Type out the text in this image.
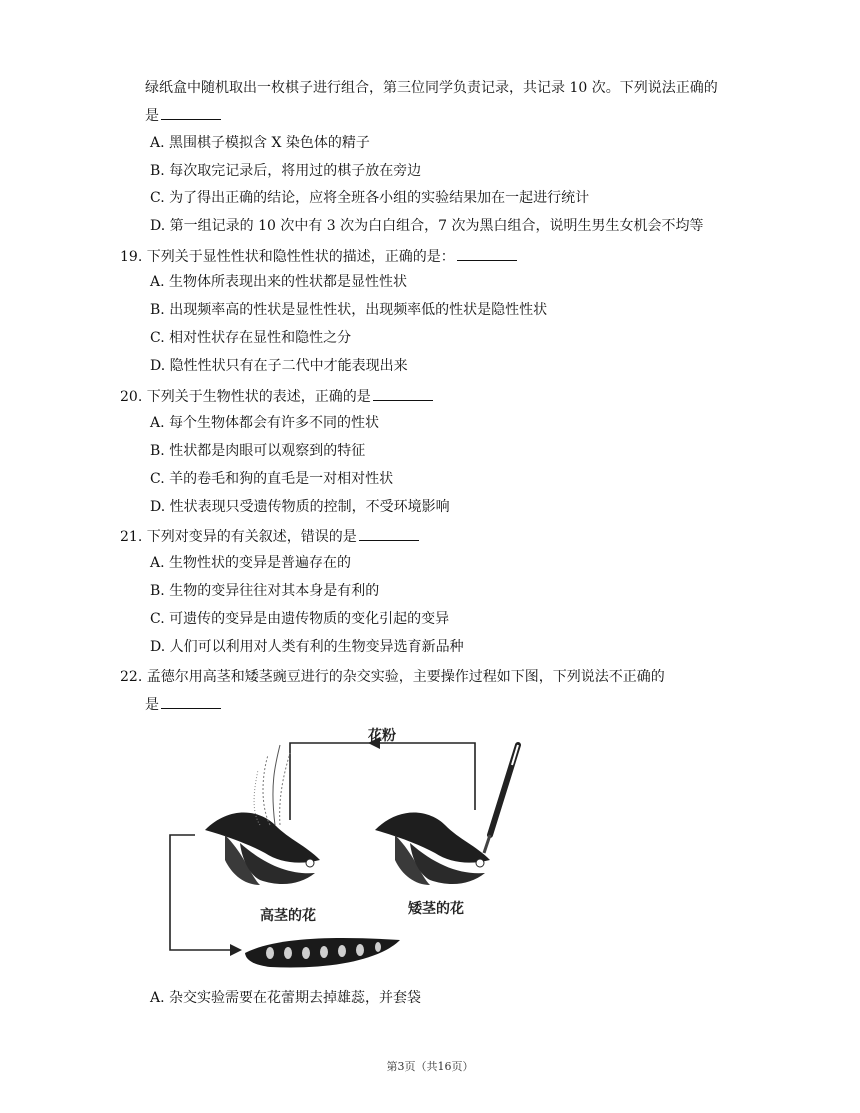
绿纸盒中随机取出一枚棋子进行组合，第三位同学负责记录，共记录 10 次。下列说法正确的
是
A. 黑围棋子模拟含 X 染色体的精子
B. 每次取完记录后，将用过的棋子放在旁边
C. 为了得出正确的结论，应将全班各小组的实验结果加在一起进行统计
D. 第一组记录的 10 次中有 3 次为白白组合，7 次为黑白组合，说明生男生女机会不均等
19. 下列关于显性性状和隐性性状的描述，正确的是：
A. 生物体所表现出来的性状都是显性性状
B. 出现频率高的性状是显性性状，出现频率低的性状是隐性性状
C. 相对性状存在显性和隐性之分
D. 隐性性状只有在子二代中才能表现出来
20. 下列关于生物性状的表述，正确的是
A. 每个生物体都会有许多不同的性状
B. 性状都是肉眼可以观察到的特征
C. 羊的卷毛和狗的直毛是一对相对性状
D. 性状表现只受遗传物质的控制，不受环境影响
21. 下列对变异的有关叙述，错误的是
A. 生物性状的变异是普遍存在的
B. 生物的变异往往对其本身是有利的
C. 可遗传的变异是由遗传物质的变化引起的变异
D. 人们可以利用对人类有利的生物变异选育新品种
22. 孟德尔用高茎和矮茎豌豆进行的杂交实验，主要操作过程如下图，下列说法不正确的
是
花粉
高茎的花	矮茎的花
A. 杂交实验需要在花蕾期去掉雄蕊，并套袋
第3页（共16页）
